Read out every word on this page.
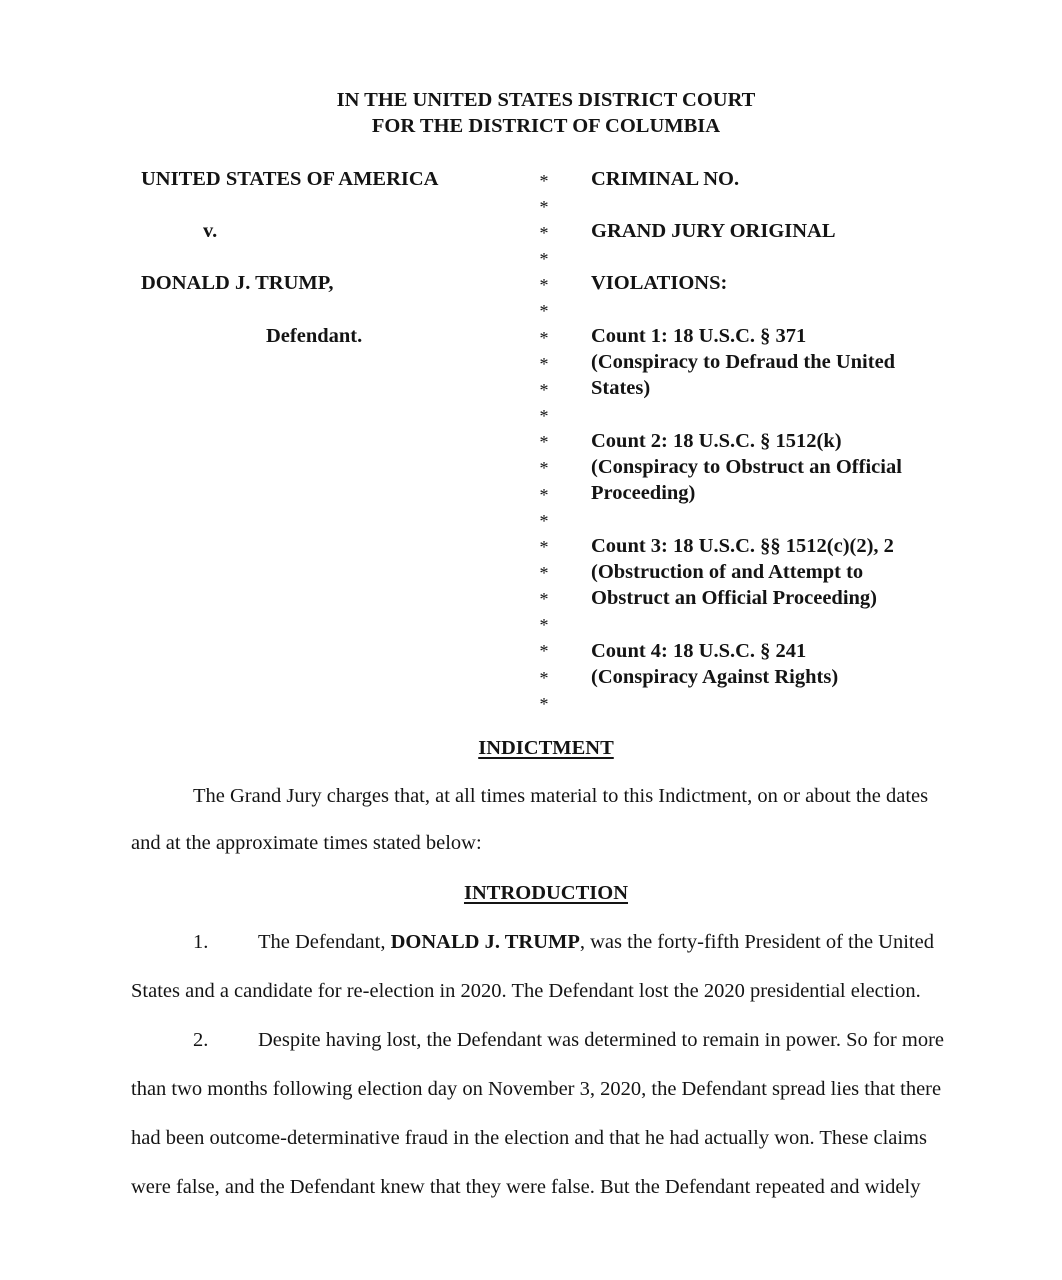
IN THE UNITED STATES DISTRICT COURT
FOR THE DISTRICT OF COLUMBIA
UNITED STATES OF AMERICA
v.
DONALD J. TRUMP,
Defendant.
*
*
*
*
*
*
*
*
*
*
*
*
*
*
*
*
*
*
*
*
*
CRIMINAL NO.
GRAND JURY ORIGINAL
VIOLATIONS:
Count 1: 18 U.S.C. § 371
(Conspiracy to Defraud the United
States)
Count 2: 18 U.S.C. § 1512(k)
(Conspiracy to Obstruct an Official
Proceeding)
Count 3: 18 U.S.C. §§ 1512(c)(2), 2
(Obstruction of and Attempt to
Obstruct an Official Proceeding)
Count 4: 18 U.S.C. § 241
(Conspiracy Against Rights)
INDICTMENT
The Grand Jury charges that, at all times material to this Indictment, on or about the dates
and at the approximate times stated below:
INTRODUCTION
1. The Defendant, DONALD J. TRUMP, was the forty-fifth President of the United
States and a candidate for re-election in 2020. The Defendant lost the 2020 presidential election.
2. Despite having lost, the Defendant was determined to remain in power. So for more
than two months following election day on November 3, 2020, the Defendant spread lies that there
had been outcome-determinative fraud in the election and that he had actually won. These claims
were false, and the Defendant knew that they were false. But the Defendant repeated and widely
